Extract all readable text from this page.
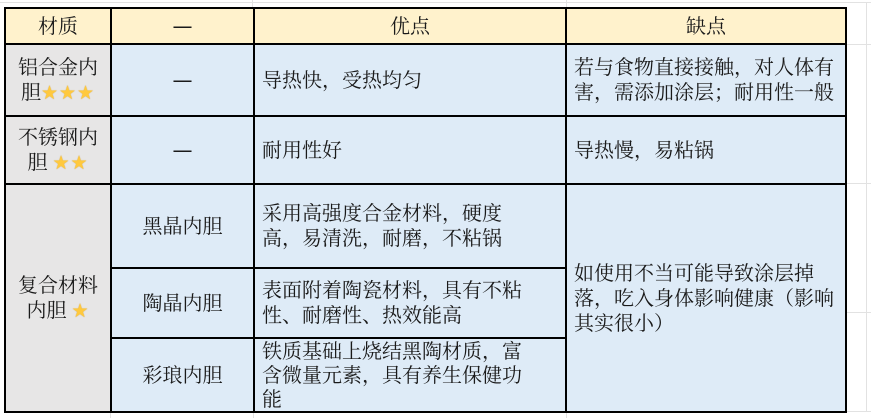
材质	—	优点	缺点
铝合金内胆★★★	—	导热快，受热均匀	若与食物直接接触，对人体有害，需添加涂层；耐用性一般
不锈钢内胆 ★★	—	耐用性好	导热慢，易粘锅
复合材料内胆 ★	黑晶内胆	采用高强度合金材料，硬度高，易清洗，耐磨，不粘锅	如使用不当可能导致涂层掉落，吃入身体影响健康（影响其实很小）
	陶晶内胆	表面附着陶瓷材料，具有不粘性、耐磨性、热效能高	
	彩琅内胆	铁质基础上烧结黑陶材质，富含微量元素，具有养生保健功能	
